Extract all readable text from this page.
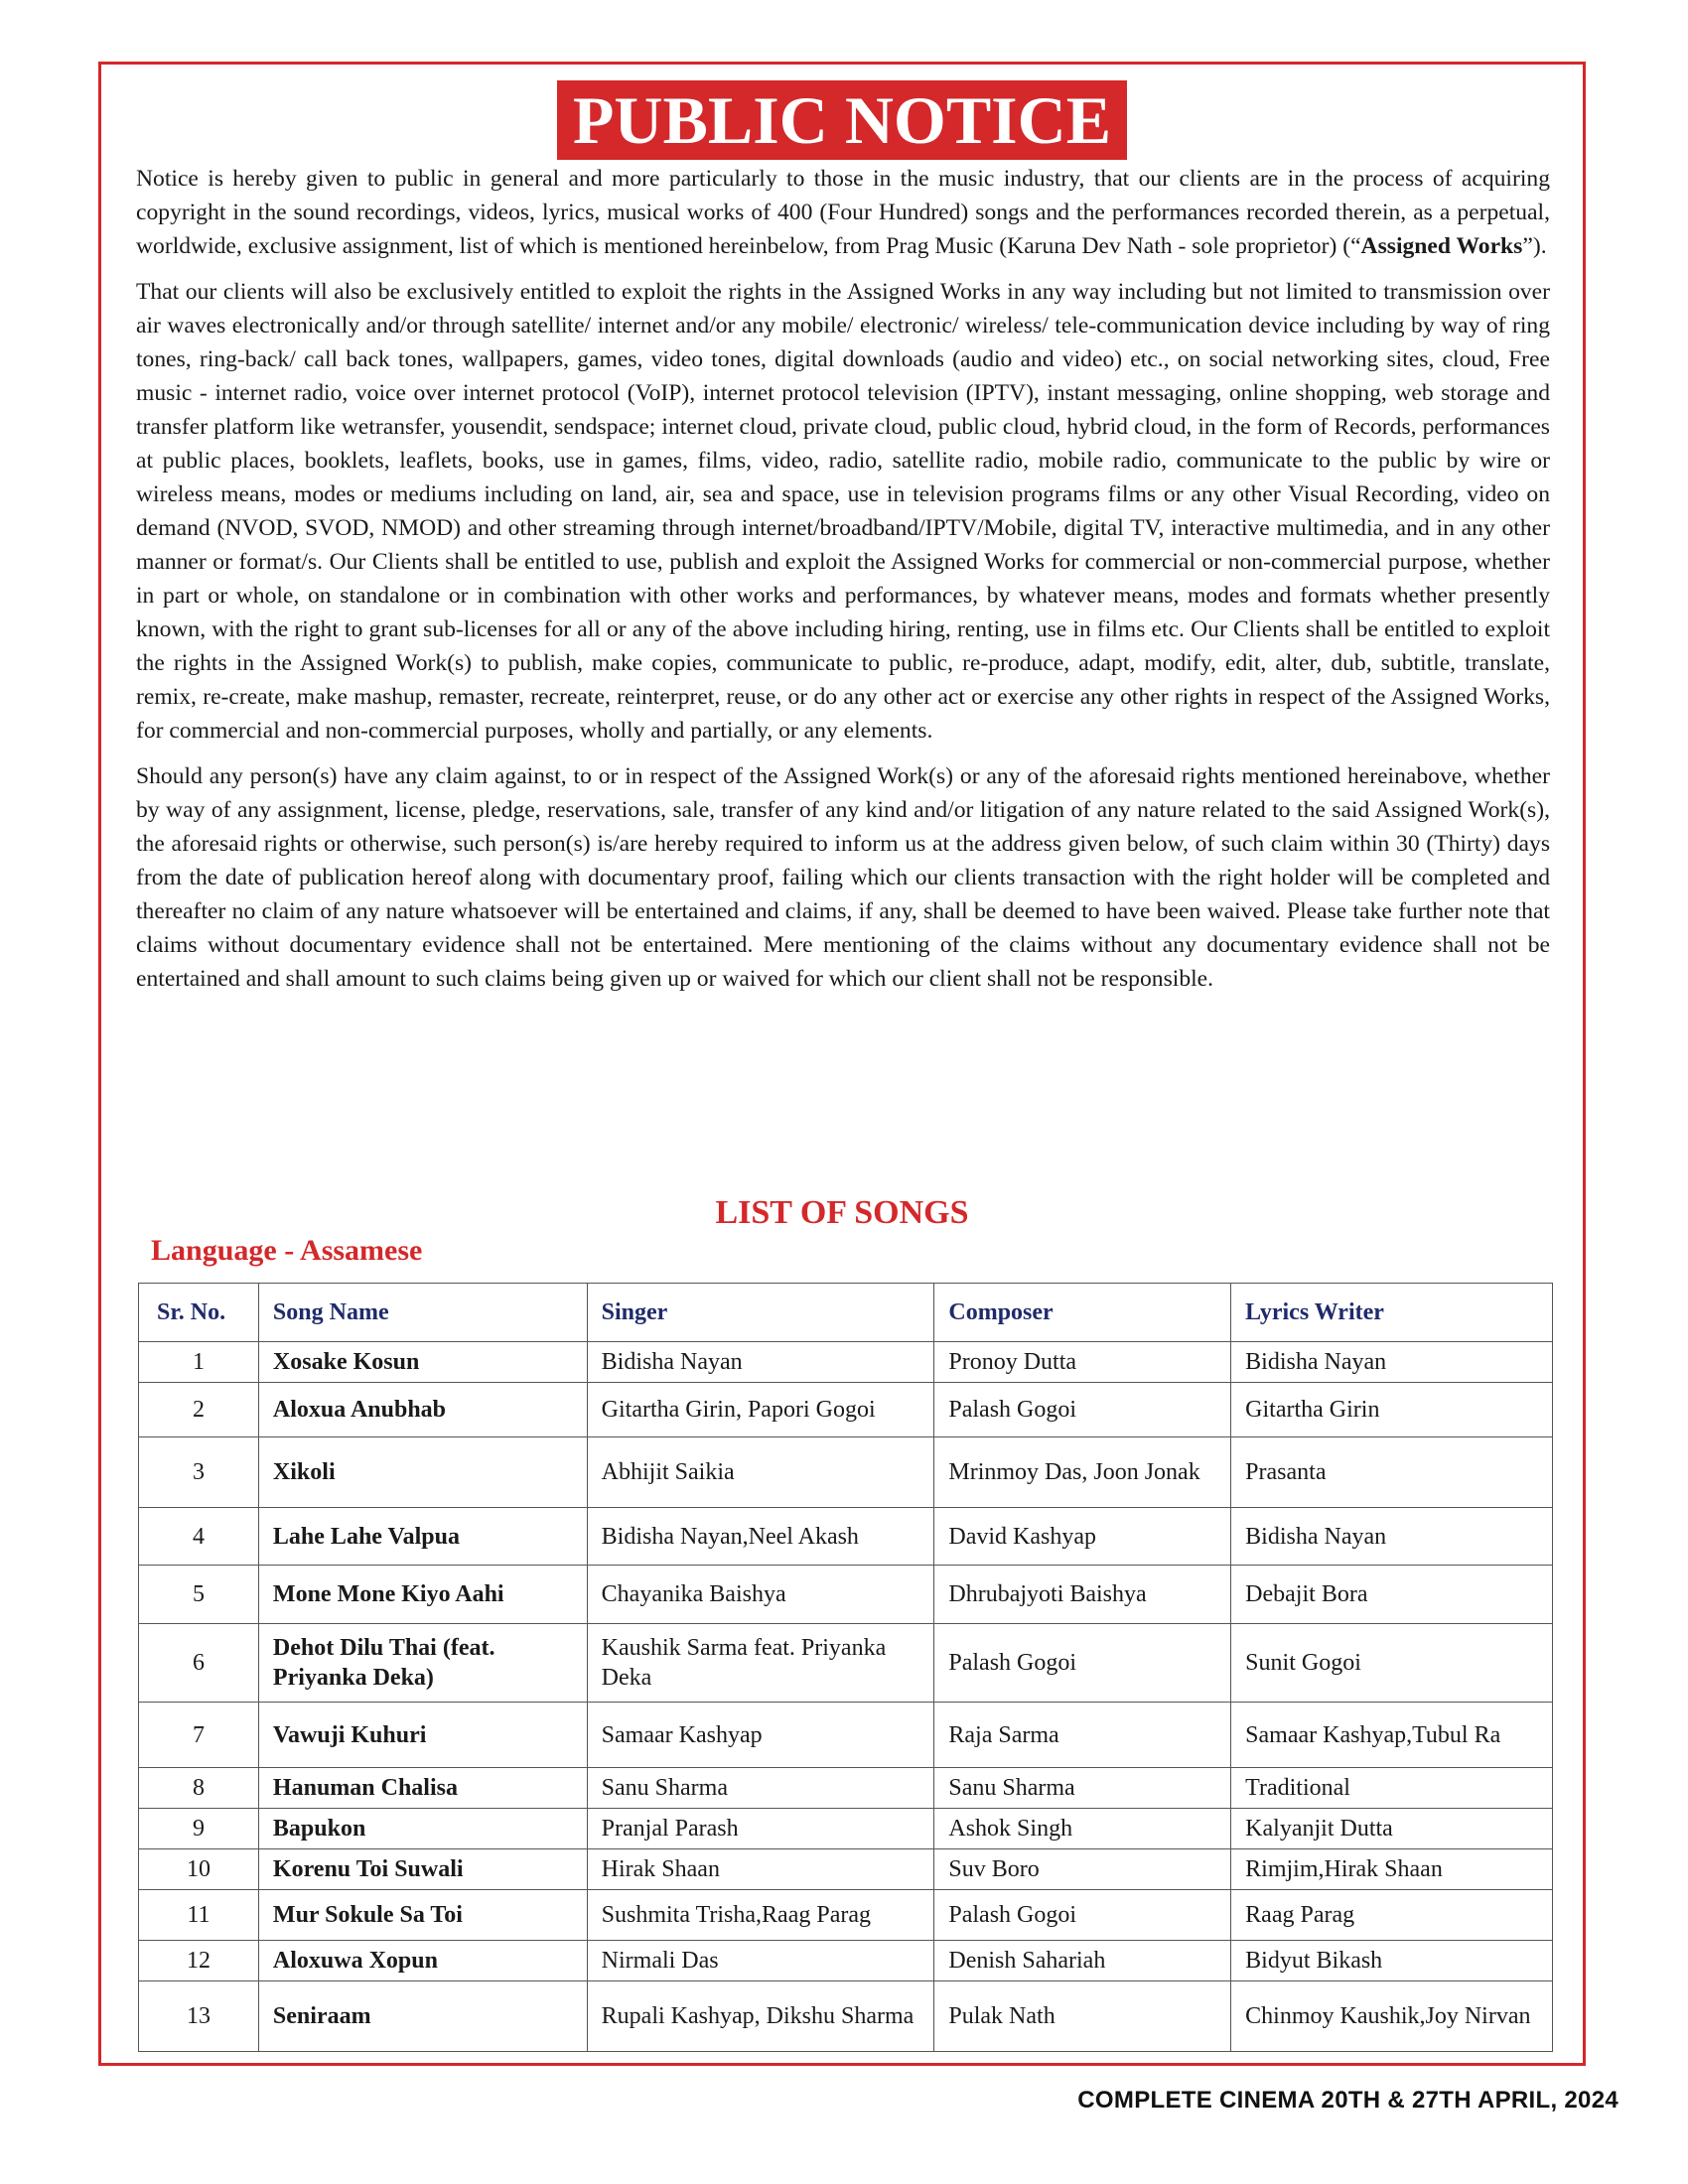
PUBLIC NOTICE

Notice is hereby given to public in general and more particularly to those in the music industry, that our clients are in the process of acquiring copyright in the sound recordings, videos, lyrics, musical works of 400 (Four Hundred) songs and the performances recorded therein, as a perpetual, worldwide, exclusive assignment, list of which is mentioned hereinbelow, from Prag Music (Karuna Dev Nath - sole proprietor) (“Assigned Works”).

That our clients will also be exclusively entitled to exploit the rights in the Assigned Works in any way including but not limited to transmission over air waves electronically and/or through satellite/ internet and/or any mobile/ electronic/ wireless/ tele-communication device including by way of ring tones, ring-back/ call back tones, wallpapers, games, video tones, digital downloads (audio and video) etc., on social networking sites, cloud, Free music - internet radio, voice over internet protocol (VoIP), internet protocol television (IPTV), instant messaging, online shopping, web storage and transfer platform like wetransfer, yousendit, sendspace; internet cloud, private cloud, public cloud, hybrid cloud, in the form of Records, performances at public places, booklets, leaflets, books, use in games, films, video, radio, satellite radio, mobile radio, communicate to the public by wire or wireless means, modes or mediums including on land, air, sea and space, use in television programs films or any other Visual Recording, video on demand (NVOD, SVOD, NMOD) and other streaming through internet/broadband/IPTV/Mobile, digital TV, interactive multimedia, and in any other manner or format/s. Our Clients shall be entitled to use, publish and exploit the Assigned Works for commercial or non-commercial purpose, whether in part or whole, on standalone or in combination with other works and performances, by whatever means, modes and formats whether presently known, with the right to grant sub-licenses for all or any of the above including hiring, renting, use in films etc. Our Clients shall be entitled to exploit the rights in the Assigned Work(s) to publish, make copies, communicate to public, re-produce, adapt, modify, edit, alter, dub, subtitle, translate, remix, re-create, make mashup, remaster, recreate, reinterpret, reuse, or do any other act or exercise any other rights in respect of the Assigned Works, for commercial and non-commercial purposes, wholly and partially, or any elements.

Should any person(s) have any claim against, to or in respect of the Assigned Work(s) or any of the aforesaid rights mentioned hereinabove, whether by way of any assignment, license, pledge, reservations, sale, transfer of any kind and/or litigation of any nature related to the said Assigned Work(s), the aforesaid rights or otherwise, such person(s) is/are hereby required to inform us at the address given below, of such claim within 30 (Thirty) days from the date of publication hereof along with documentary proof, failing which our clients transaction with the right holder will be completed and thereafter no claim of any nature whatsoever will be entertained and claims, if any, shall be deemed to have been waived. Please take further note that claims without documentary evidence shall not be entertained. Mere mentioning of the claims without any documentary evidence shall not be entertained and shall amount to such claims being given up or waived for which our client shall not be responsible.

LIST OF SONGS
Language - Assamese
Sr. No.	Song Name	Singer	Composer	Lyrics Writer
1	Xosake Kosun	Bidisha Nayan	Pronoy Dutta	Bidisha Nayan
2	Aloxua Anubhab	Gitartha Girin, Papori Gogoi	Palash Gogoi	Gitartha Girin
3	Xikoli	Abhijit Saikia	Mrinmoy Das, Joon Jonak	Prasanta
4	Lahe Lahe Valpua	Bidisha Nayan,Neel Akash	David Kashyap	Bidisha Nayan
5	Mone Mone Kiyo Aahi	Chayanika Baishya	Dhrubajyoti Baishya	Debajit Bora
6	Dehot Dilu Thai (feat. Priyanka Deka)	Kaushik Sarma feat. Priyanka Deka	Palash Gogoi	Sunit Gogoi
7	Vawuji Kuhuri	Samaar Kashyap	Raja Sarma	Samaar Kashyap,Tubul Ra
8	Hanuman Chalisa	Sanu Sharma	Sanu Sharma	Traditional
9	Bapukon	Pranjal Parash	Ashok Singh	Kalyanjit Dutta
10	Korenu Toi Suwali	Hirak Shaan	Suv Boro	Rimjim,Hirak Shaan
11	Mur Sokule Sa Toi	Sushmita Trisha,Raag Parag	Palash Gogoi	Raag Parag
12	Aloxuwa Xopun	Nirmali Das	Denish Sahariah	Bidyut Bikash
13	Seniraam	Rupali Kashyap, Dikshu Sharma	Pulak Nath	Chinmoy Kaushik,Joy Nirvan
COMPLETE CINEMA 20TH & 27TH APRIL, 2024
